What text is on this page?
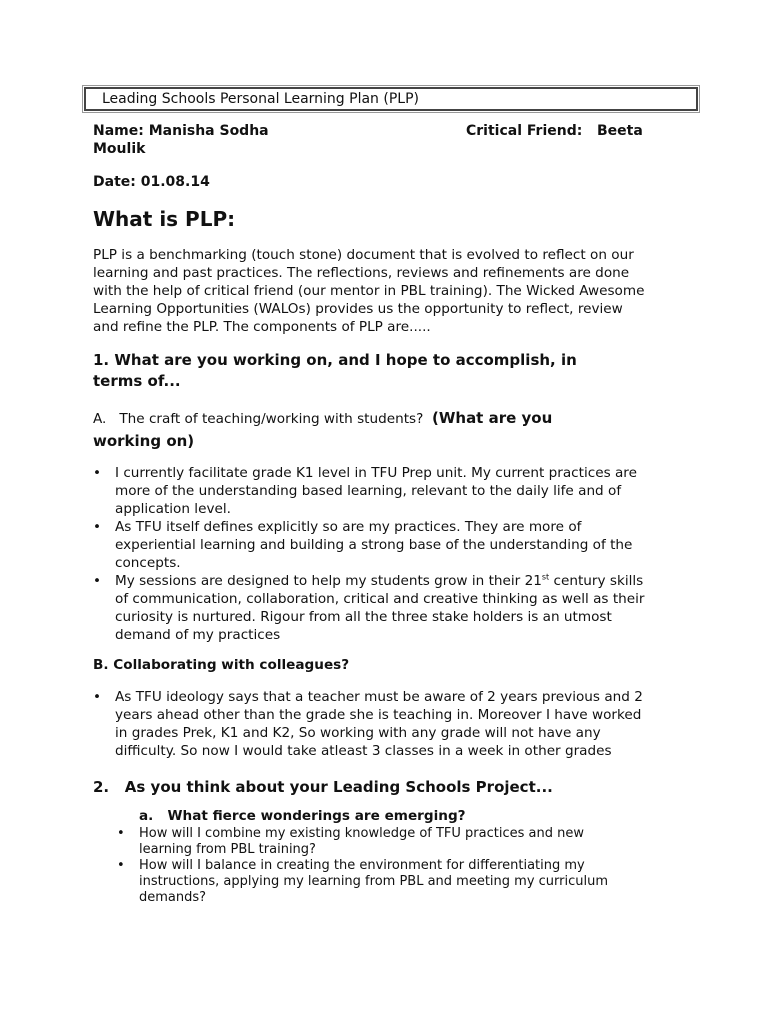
Leading Schools Personal Learning Plan (PLP)
Name: Manisha Sodha
Moulik
Critical Friend: Beeta
Date: 01.08.14
What is PLP:
PLP is a benchmarking (touch stone) document that is evolved to reflect on our
learning and past practices. The reflections, reviews and refinements are done
with the help of critical friend (our mentor in PBL training). The Wicked Awesome
Learning Opportunities (WALOs) provides us the opportunity to reflect, review
and refine the PLP. The components of PLP are.....
1. What are you working on, and I hope to accomplish, in
terms of...
A.   The craft of teaching/working with students?  (What are you
working on)
• I currently facilitate grade K1 level in TFU Prep unit. My current practices are
more of the understanding based learning, relevant to the daily life and of
application level.
• As TFU itself defines explicitly so are my practices. They are more of
experiential learning and building a strong base of the understanding of the
concepts.
• My sessions are designed to help my students grow in their 21st century skills
of communication, collaboration, critical and creative thinking as well as their
curiosity is nurtured. Rigour from all the three stake holders is an utmost
demand of my practices
B. Collaborating with colleagues?
• As TFU ideology says that a teacher must be aware of 2 years previous and 2
years ahead other than the grade she is teaching in. Moreover I have worked
in grades Prek, K1 and K2, So working with any grade will not have any
difficulty. So now I would take atleast 3 classes in a week in other grades
2.   As you think about your Leading Schools Project...
a.   What fierce wonderings are emerging?
• How will I combine my existing knowledge of TFU practices and new
learning from PBL training?
• How will I balance in creating the environment for differentiating my
instructions, applying my learning from PBL and meeting my curriculum
demands?
